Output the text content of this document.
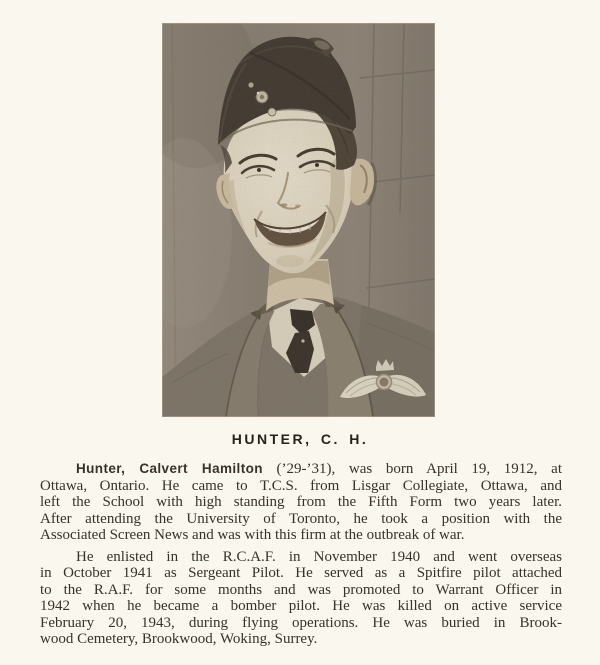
HUNTER, C. H.
Hunter, Calvert Hamilton (’29-’31), was born April 19, 1912, at
Ottawa, Ontario. He came to T.C.S. from Lisgar Collegiate, Ottawa, and
left the School with high standing from the Fifth Form two years later.
After attending the University of Toronto, he took a position with the
Associated Screen News and was with this firm at the outbreak of war.
He enlisted in the R.C.A.F. in November 1940 and went overseas
in October 1941 as Sergeant Pilot. He served as a Spitfire pilot attached
to the R.A.F. for some months and was promoted to Warrant Officer in
1942 when he became a bomber pilot. He was killed on active service
February 20, 1943, during flying operations. He was buried in Brook-
wood Cemetery, Brookwood, Woking, Surrey.
